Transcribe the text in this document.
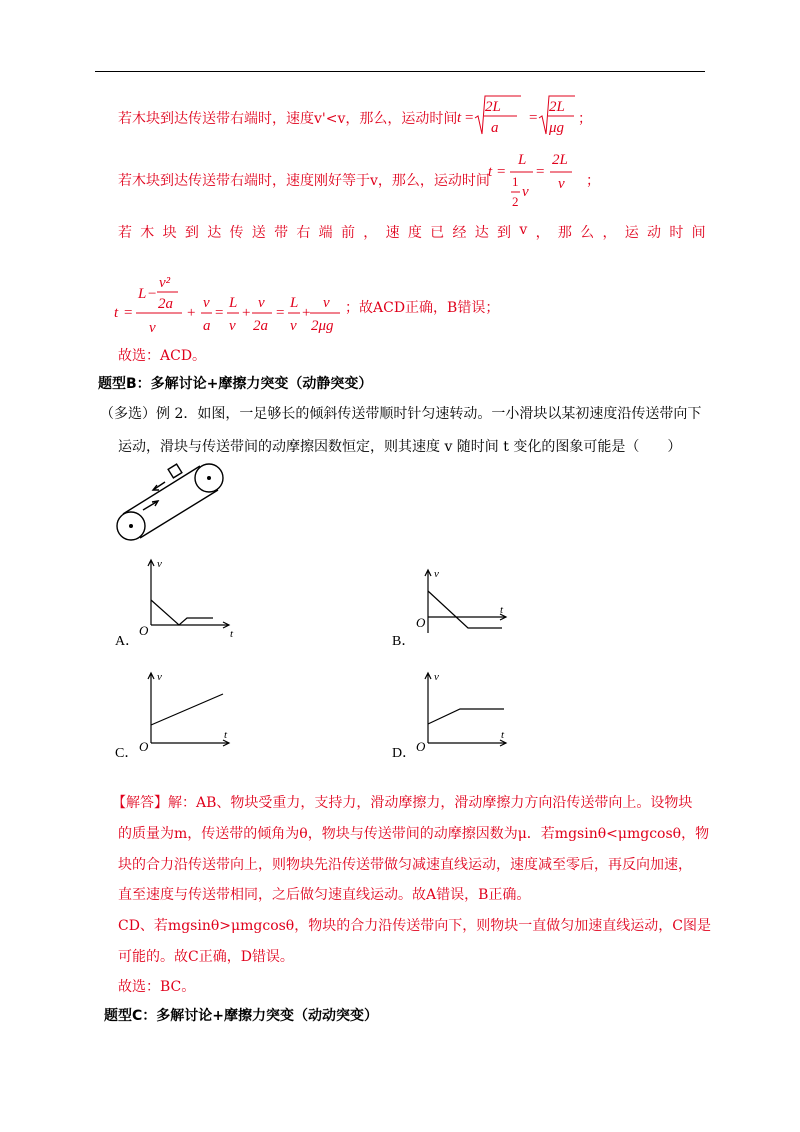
若木块到达传送带右端时，速度v'<v，那么，运动时间 t =
2L
a
=
2L
μg
；
若木块到达传送带右端时，速度刚好等于v，那么，运动时间
t =
L
1
2
v
=
2L
v ；
若 木 块 到 达 传 送 带 右 端 前 ， 速 度 已 经 达 到 v ， 那 么 ， 运 动 时 间
t =
L −
v²
2a
v
+
v
a
=
L
v
+
v
2a
=
L
v
+
v
2μg
；故ACD正确，B错误；
故选：ACD。
题型B：多解讨论+摩擦力突变（动静突变）
（多选）例 2．如图，一足够长的倾斜传送带顺时针匀速转动。一小滑块以某初速度沿传送带向下
运动，滑块与传送带间的动摩擦因数恒定，则其速度 v 随时间 t 变化的图象可能是（　　）
v
t
O
A．
v
t
O
B．
v
t
O
C．
v
t
O
D．
【解答】解：AB、物块受重力，支持力，滑动摩擦力，滑动摩擦力方向沿传送带向上。设物块
的质量为m，传送带的倾角为θ，物块与传送带间的动摩擦因数为μ．若mgsinθ<μmgcosθ，物
块的合力沿传送带向上，则物块先沿传送带做匀减速直线运动，速度减至零后，再反向加速，
直至速度与传送带相同，之后做匀速直线运动。故A错误，B正确。
CD、若mgsinθ>μmgcosθ，物块的合力沿传送带向下，则物块一直做匀加速直线运动，C图是
可能的。故C正确，D错误。
故选：BC。
题型C：多解讨论+摩擦力突变（动动突变）
